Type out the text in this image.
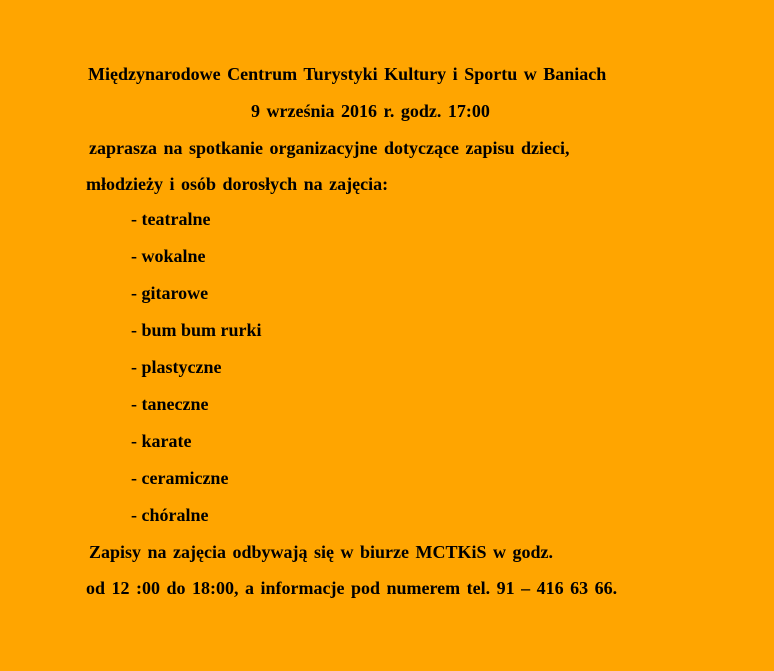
Międzynarodowe Centrum Turystyki Kultury i Sportu w Baniach
9 września 2016 r. godz. 17:00
zaprasza na spotkanie organizacyjne dotyczące zapisu dzieci,
młodzieży i osób dorosłych na zajęcia:
- teatralne
- wokalne
- gitarowe
- bum bum rurki
- plastyczne
- taneczne
- karate
- ceramiczne
- chóralne
Zapisy na zajęcia odbywają się w biurze MCTKiS w godz.
od 12 :00 do 18:00, a informacje pod numerem tel. 91 – 416 63 66.
